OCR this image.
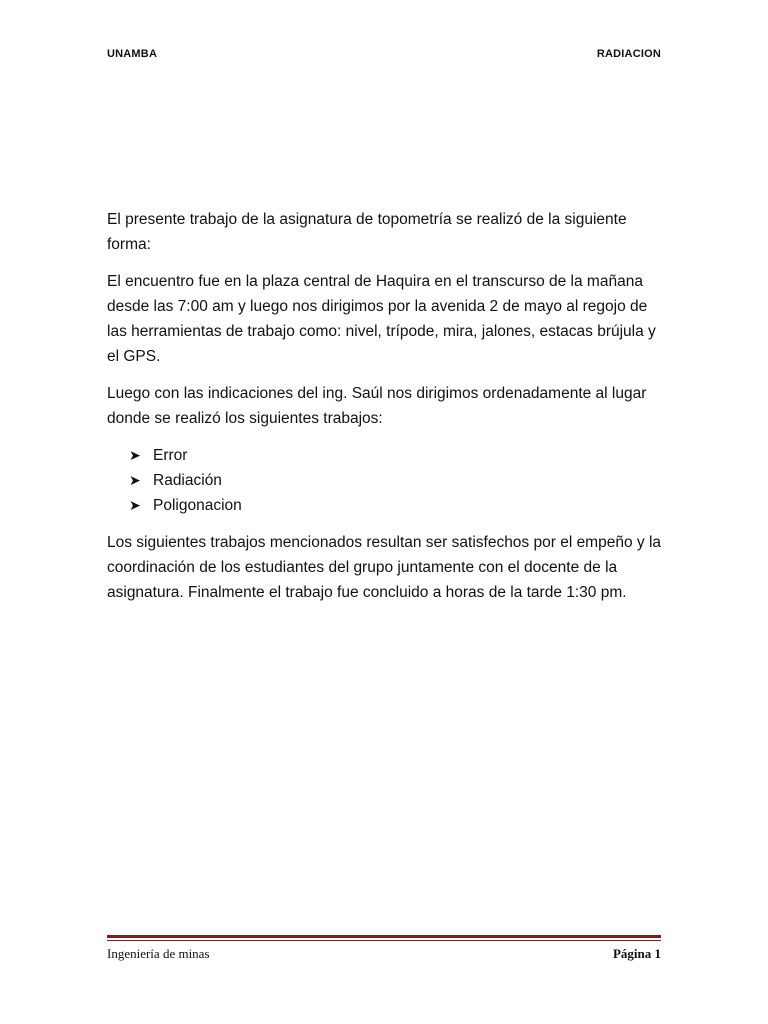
UNAMBA	RADIACION

El presente trabajo de la asignatura de topometría se realizó de la siguiente forma:

El encuentro fue en la plaza central de Haquira en el transcurso de la mañana desde las 7:00 am y luego nos dirigimos por la avenida 2 de mayo al regojo de las herramientas de trabajo como: nivel, trípode, mira, jalones, estacas brújula y el GPS.

Luego con las indicaciones del ing. Saúl nos dirigimos ordenadamente al lugar donde se realizó los siguientes trabajos:

➤ Error
➤ Radiación
➤ Poligonacion

Los siguientes trabajos mencionados resultan ser satisfechos por el empeño y la coordinación de los estudiantes del grupo juntamente con el docente de la asignatura. Finalmente el trabajo fue concluido a horas de la tarde 1:30 pm.

Ingeniería de minas	Página 1
